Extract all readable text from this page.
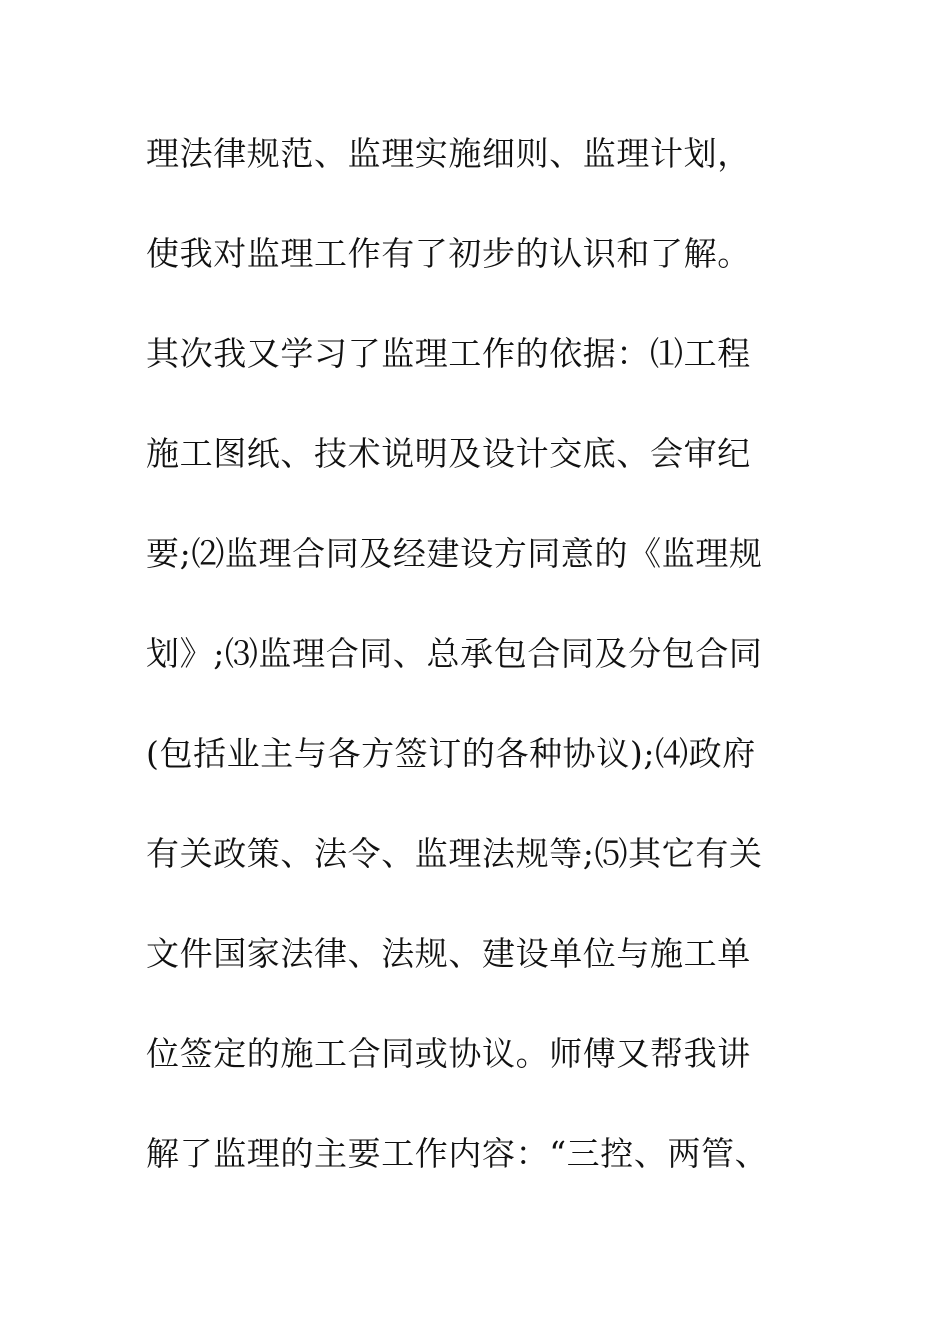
理法律规范、监理实施细则、监理计划，
使我对监理工作有了初步的认识和了解。
其次我又学习了监理工作的依据：⑴工程
施工图纸、技术说明及设计交底、会审纪
要;⑵监理合同及经建设方同意的《监理规
划》;⑶监理合同、总承包合同及分包合同
(包括业主与各方签订的各种协议);⑷政府
有关政策、法令、监理法规等;⑸其它有关
文件国家法律、法规、建设单位与施工单
位签定的施工合同或协议。师傅又帮我讲
解了监理的主要工作内容：“三控、两管、
